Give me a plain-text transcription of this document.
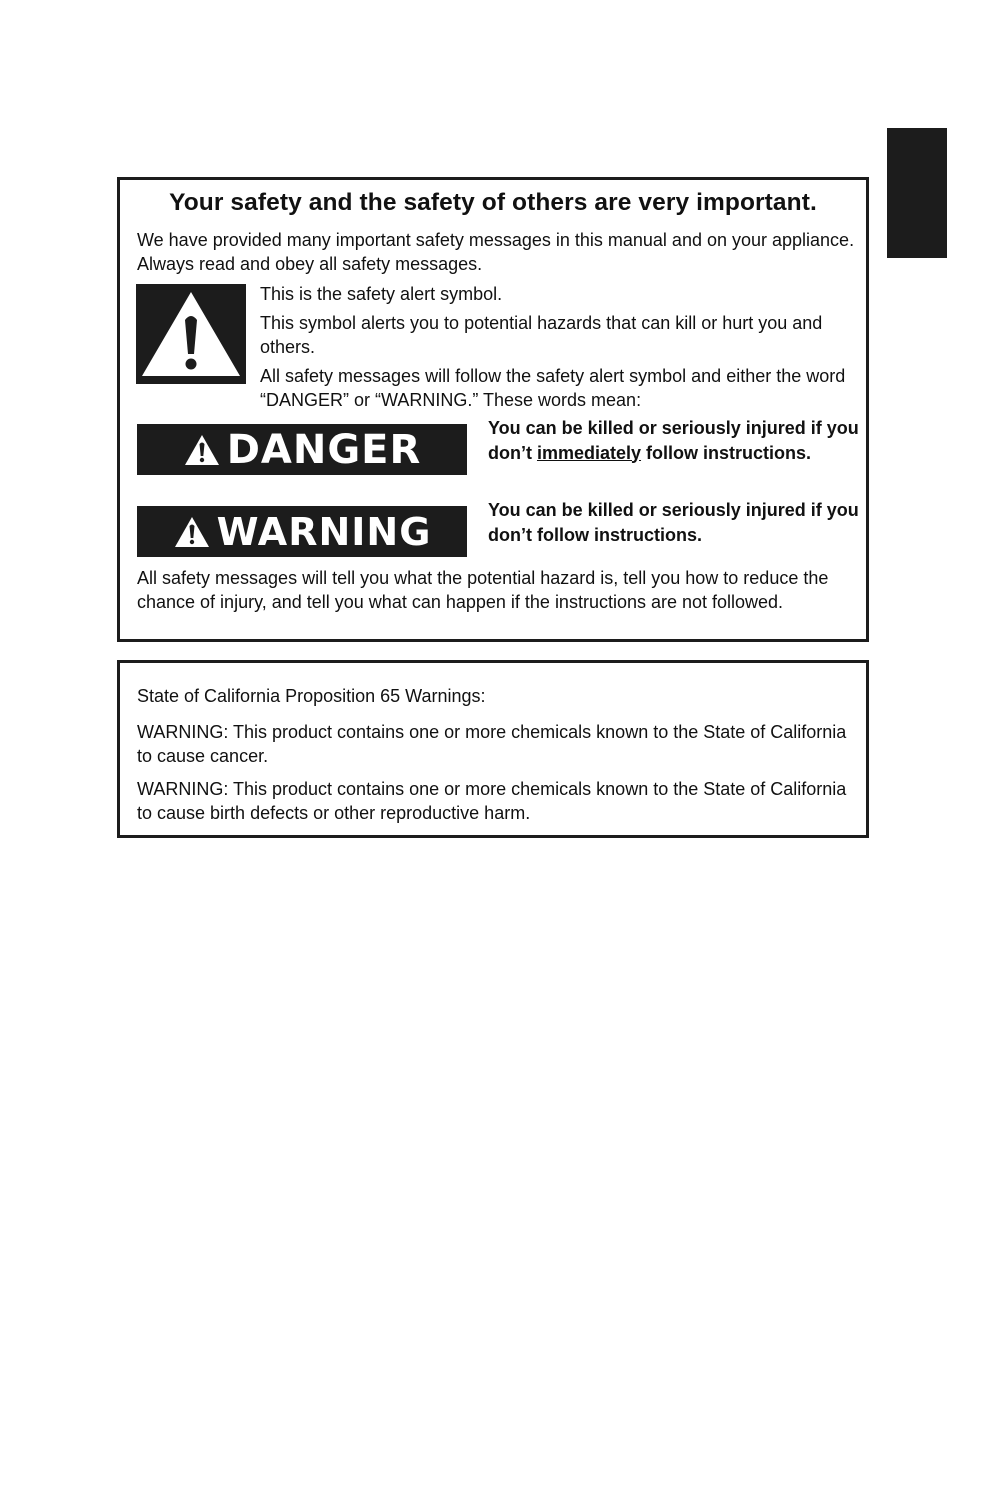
Your safety and the safety of others are very important.

We have provided many important safety messages in this manual and on your appliance. Always read and obey all safety messages.

This is the safety alert symbol.

This symbol alerts you to potential hazards that can kill or hurt you and others.

All safety messages will follow the safety alert symbol and either the word “DANGER” or “WARNING.” These words mean:

DANGER	You can be killed or seriously injured if you don’t immediately follow instructions.
WARNING	You can be killed or seriously injured if you don’t follow instructions.

All safety messages will tell you what the potential hazard is, tell you how to reduce the chance of injury, and tell you what can happen if the instructions are not followed.

State of California Proposition 65 Warnings:

WARNING: This product contains one or more chemicals known to the State of California to cause cancer.

WARNING: This product contains one or more chemicals known to the State of California to cause birth defects or other reproductive harm.
